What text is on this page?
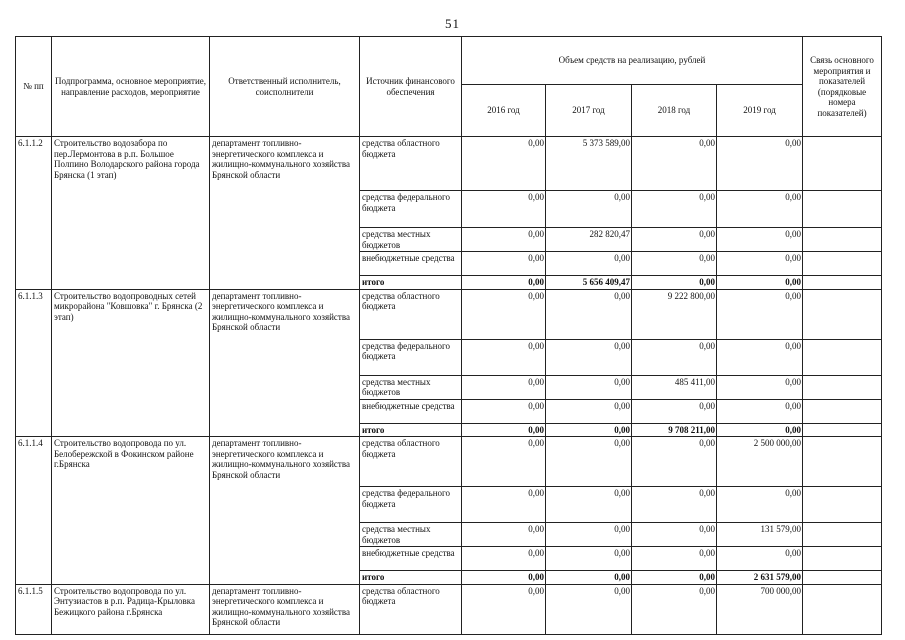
51
№ пп	Подпрограмма, основное мероприятие, направление расходов, мероприятие	Ответственный исполнитель, соисполнители	Источник финансового обеспечения	Объем средств на реализацию, рублей				Связь основного мероприятия и показателей (порядковые номера показателей)
				2016 год	2017 год	2018 год	2019 год	
6.1.1.2	Строительство водозабора по пер.Лермонтова в р.п. Большое Полпино Володарского района города Брянска (1 этап)	департамент топливно-энергетического комплекса и жилищно-коммунального хозяйства Брянской области	средства областного бюджета	0,00	5 373 589,00	0,00	0,00	
			средства федерального бюджета	0,00	0,00	0,00	0,00	
			средства местных бюджетов	0,00	282 820,47	0,00	0,00	
			внебюджетные средства	0,00	0,00	0,00	0,00	
			итого	0,00	5 656 409,47	0,00	0,00	
6.1.1.3	Строительство водопроводных сетей микрорайона "Ковшовка" г. Брянска (2 этап)	департамент топливно-энергетического комплекса и жилищно-коммунального хозяйства Брянской области	средства областного бюджета	0,00	0,00	9 222 800,00	0,00	
			средства федерального бюджета	0,00	0,00	0,00	0,00	
			средства местных бюджетов	0,00	0,00	485 411,00	0,00	
			внебюджетные средства	0,00	0,00	0,00	0,00	
			итого	0,00	0,00	9 708 211,00	0,00	
6.1.1.4	Строительство водопровода по ул. Белобережской в Фокинском районе г.Брянска	департамент топливно-энергетического комплекса и жилищно-коммунального хозяйства Брянской области	средства областного бюджета	0,00	0,00	0,00	2 500 000,00	
			средства федерального бюджета	0,00	0,00	0,00	0,00	
			средства местных бюджетов	0,00	0,00	0,00	131 579,00	
			внебюджетные средства	0,00	0,00	0,00	0,00	
			итого	0,00	0,00	0,00	2 631 579,00	
6.1.1.5	Строительство водопровода по ул. Энтузиастов в р.п. Радица-Крыловка Бежицкого района г.Брянска	департамент топливно-энергетического комплекса и жилищно-коммунального хозяйства Брянской области	средства областного бюджета	0,00	0,00	0,00	700 000,00	
